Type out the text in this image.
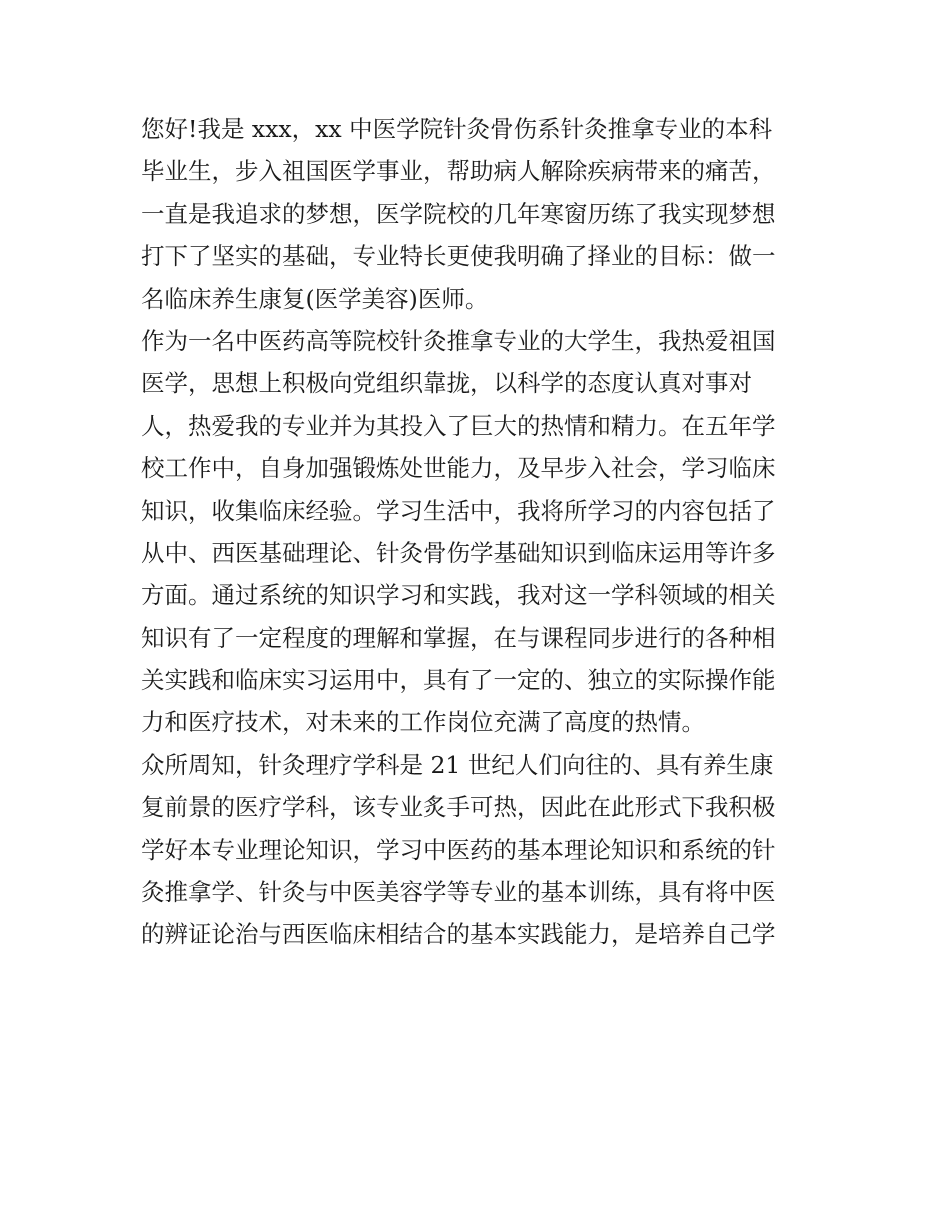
您好!我是 xxx，xx 中医学院针灸骨伤系针灸推拿专业的本科
毕业生，步入祖国医学事业，帮助病人解除疾病带来的痛苦，
一直是我追求的梦想，医学院校的几年寒窗历练了我实现梦想
打下了坚实的基础，专业特长更使我明确了择业的目标：做一
名临床养生康复(医学美容)医师。
作为一名中医药高等院校针灸推拿专业的大学生，我热爱祖国
医学，思想上积极向党组织靠拢，以科学的态度认真对事对
人，热爱我的专业并为其投入了巨大的热情和精力。在五年学
校工作中，自身加强锻炼处世能力，及早步入社会，学习临床
知识，收集临床经验。学习生活中，我将所学习的内容包括了
从中、西医基础理论、针灸骨伤学基础知识到临床运用等许多
方面。通过系统的知识学习和实践，我对这一学科领域的相关
知识有了一定程度的理解和掌握，在与课程同步进行的各种相
关实践和临床实习运用中，具有了一定的、独立的实际操作能
力和医疗技术，对未来的工作岗位充满了高度的热情。
众所周知，针灸理疗学科是 21 世纪人们向往的、具有养生康
复前景的医疗学科，该专业炙手可热，因此在此形式下我积极
学好本专业理论知识，学习中医药的基本理论知识和系统的针
灸推拿学、针灸与中医美容学等专业的基本训练，具有将中医
的辨证论治与西医临床相结合的基本实践能力，是培养自己学
